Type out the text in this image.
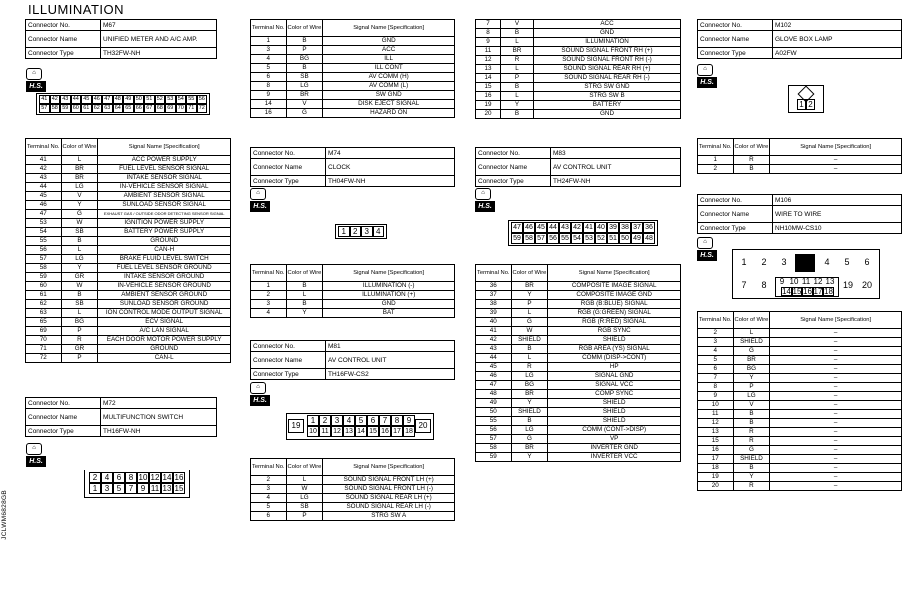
ILLUMINATION
JCLWM6828GB
Connector No.	M67
Connector Name	UNIFIED METER AND A/C AMP.
Connector Type	TH32FW-NH
⌂
H.S.
41 42 43 44 45 46 47 48 49 50 51 52 53 54 55 56
57 58 59 60 61 62 63 64 65 66 67 68 69 70 71 72
Terminal No.	Color of Wire	Signal Name [Specification]
41	L	ACC POWER SUPPLY
42	BR	FUEL LEVEL SENSOR SIGNAL
43	BR	INTAKE SENSOR SIGNAL
44	LG	IN-VEHICLE SENSOR SIGNAL
45	V	AMBIENT SENSOR SIGNAL
46	Y	SUNLOAD SENSOR SIGNAL
47	G	EXHAUST GAS / OUTSIDE ODOR DETECTING SENSOR SIGNAL
53	W	IGNITION POWER SUPPLY
54	SB	BATTERY POWER SUPPLY
55	B	GROUND
56	L	CAN-H
57	LG	BRAKE FLUID LEVEL SWITCH
58	Y	FUEL LEVEL SENSOR GROUND
59	GR	INTAKE SENSOR GROUND
60	W	IN-VEHICLE SENSOR GROUND
61	B	AMBIENT SENSOR GROUND
62	SB	SUNLOAD SENSOR GROUND
63	L	ION CONTROL MODE OUTPUT SIGNAL
65	BG	ECV SIGNAL
69	P	A/C LAN SIGNAL
70	R	EACH DOOR MOTOR POWER SUPPLY
71	GR	GROUND
72	P	CAN-L
Connector No.	M72
Connector Name	MULTIFUNCTION SWITCH
Connector Type	TH16FW-NH
⌂
H.S.
2 4 6 8 10 12 14 16
1 3 5 7 9 11 13 15
Terminal No.	Color of Wire	Signal Name [Specification]
1	B	GND
3	P	ACC
4	BG	ILL
5	B	ILL CONT
6	SB	AV COMM (H)
8	LG	AV COMM (L)
9	BR	SW GND
14	V	DISK EJECT SIGNAL
16	G	HAZARD ON
Connector No.	M74
Connector Name	CLOCK
Connector Type	TH04FW-NH
⌂
H.S.
1 2 3 4
Terminal No.	Color of Wire	Signal Name [Specification]
1	B	ILLUMINATION (-)
2	L	ILLUMINATION (+)
3	B	GND
4	Y	BAT
Connector No.	M81
Connector Name	AV CONTROL UNIT
Connector Type	TH16FW-CS2
⌂
H.S.
19
1 2 3 4 5 6 7 8 9
10 11 12 13 14 15 16 17 18
20
Terminal No.	Color of Wire	Signal Name [Specification]
2	L	SOUND SIGNAL FRONT LH (+)
3	W	SOUND SIGNAL FRONT LH (-)
4	LG	SOUND SIGNAL REAR LH (+)
5	SB	SOUND SIGNAL REAR LH (-)
6	P	STRG SW A
7	V	ACC
8	B	GND
9	L	ILLUMINATION
11	BR	SOUND SIGNAL FRONT RH (+)
12	R	SOUND SIGNAL FRONT RH (-)
13	L	SOUND SIGNAL REAR RH (+)
14	P	SOUND SIGNAL REAR RH (-)
15	B	STRG SW GND
16	L	STRG SW B
19	Y	BATTERY
20	B	GND
Connector No.	M83
Connector Name	AV CONTROL UNIT
Connector Type	TH24FW-NH
⌂
H.S.
47 46 45 44 43 42 41 40 39 38 37 36
59 58 57 56 55 54 53 52 51 50 49 48
Terminal No.	Color of Wire	Signal Name [Specification]
36	BR	COMPOSITE IMAGE SIGNAL
37	Y	COMPOSITE IMAGE GND
38	P	RGB (B:BLUE) SIGNAL
39	L	RGB (G:GREEN) SIGNAL
40	G	RGB (R:RED) SIGNAL
41	W	RGB SYNC
42	SHIELD	SHIELD
43	B	RGB AREA (YS) SIGNAL
44	L	COMM (DISP->CONT)
45	R	HP
46	LG	SIGNAL GND
47	BG	SIGNAL VCC
48	BR	COMP SYNC
49	Y	SHIELD
50	SHIELD	SHIELD
55	B	SHIELD
56	LG	COMM (CONT->DISP)
57	G	VP
58	BR	INVERTER GND
59	Y	INVERTER VCC
Connector No.	M102
Connector Name	GLOVE BOX LAMP
Connector Type	A02FW
⌂
H.S.
1 2
Terminal No.	Color of Wire	Signal Name [Specification]
1	R	–
2	B	–
Connector No.	M106
Connector Name	WIRE TO WIRE
Connector Type	NH10MW-CS10
⌂
H.S.
1	2	3	4	5	6
7	8	9 10 11 12 13
14 15 16 17 18
19 20
Terminal No.	Color of Wire	Signal Name [Specification]
2	L	–
3	SHIELD	–
4	G	–
5	BR	–
6	BG	–
7	Y	–
8	P	–
9	LG	–
10	V	–
11	B	–
12	B	–
13	R	–
15	R	–
16	G	–
17	SHIELD	–
18	B	–
19	Y	–
20	R	–
